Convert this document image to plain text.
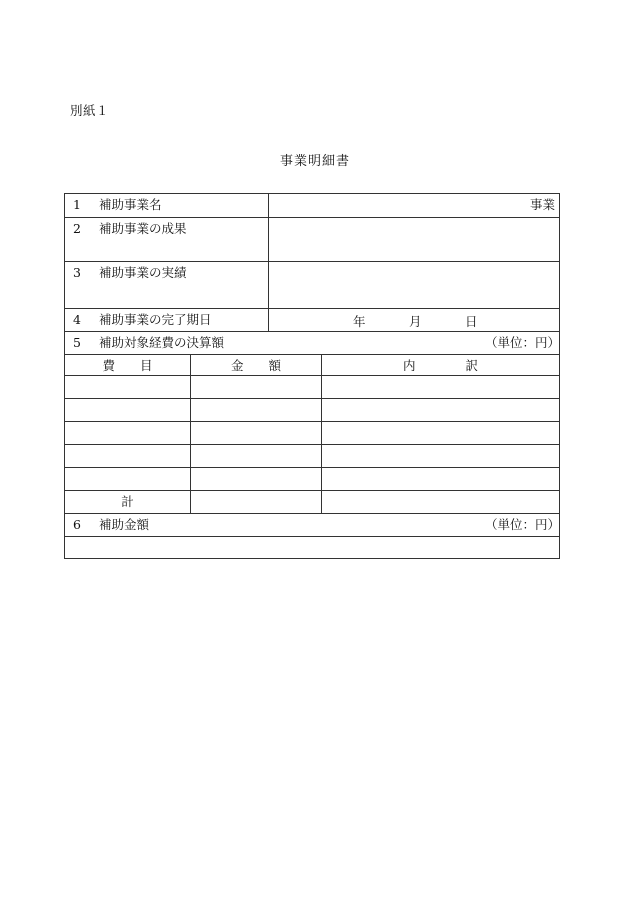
別紙１
事業明細書
1 補助事業名	事業
2 補助事業の成果
3 補助事業の実績
4 補助事業の完了期日	年	月	日
5 補助対象経費の決算額	（単位：円）
費　　目	金　　額	内　　　　訳
計
6 補助金額	（単位：円）
